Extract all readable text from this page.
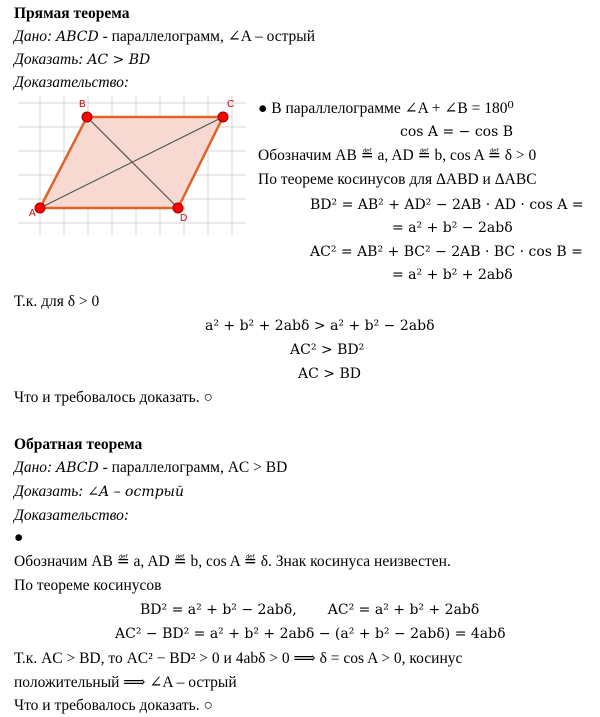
Прямая теорема
Дано: ABCD - параллелограмм, ∠A – острый
Доказать: AC > BD
Доказательство:
A
B	C
D
● В параллелограмме ∠A + ∠B = 180⁰
cos A = − cos B
Обозначим AB ≝ a, AD ≝ b, cos A ≝ δ > 0
По теореме косинусов для ΔABD и ΔABC
BD² = AB² + AD² − 2AB · AD · cos A =
= a² + b² − 2abδ
AC² = AB² + BC² − 2AB · BC · cos B =
= a² + b² + 2abδ
Т.к. для δ > 0
a² + b² + 2abδ > a² + b² − 2abδ
AC² > BD²
AC > BD
Что и требовалось доказать. ○
Обратная теорема
Дано: ABCD - параллелограмм, AC > BD
Доказать: ∠A – острый
Доказательство:
●
Обозначим AB ≝ a, AD ≝ b, cos A ≝ δ. Знак косинуса неизвестен.
По теореме косинусов
BD² = a² + b² − 2abδ,       AC² = a² + b² + 2abδ
AC² − BD² = a² + b² + 2abδ − (a² + b² − 2abδ) = 4abδ
Т.к. AC > BD, то AC² − BD² > 0 и 4abδ > 0 ⟹ δ = cos A > 0, косинус
положительный ⟹ ∠A – острый
Что и требовалось доказать. ○
